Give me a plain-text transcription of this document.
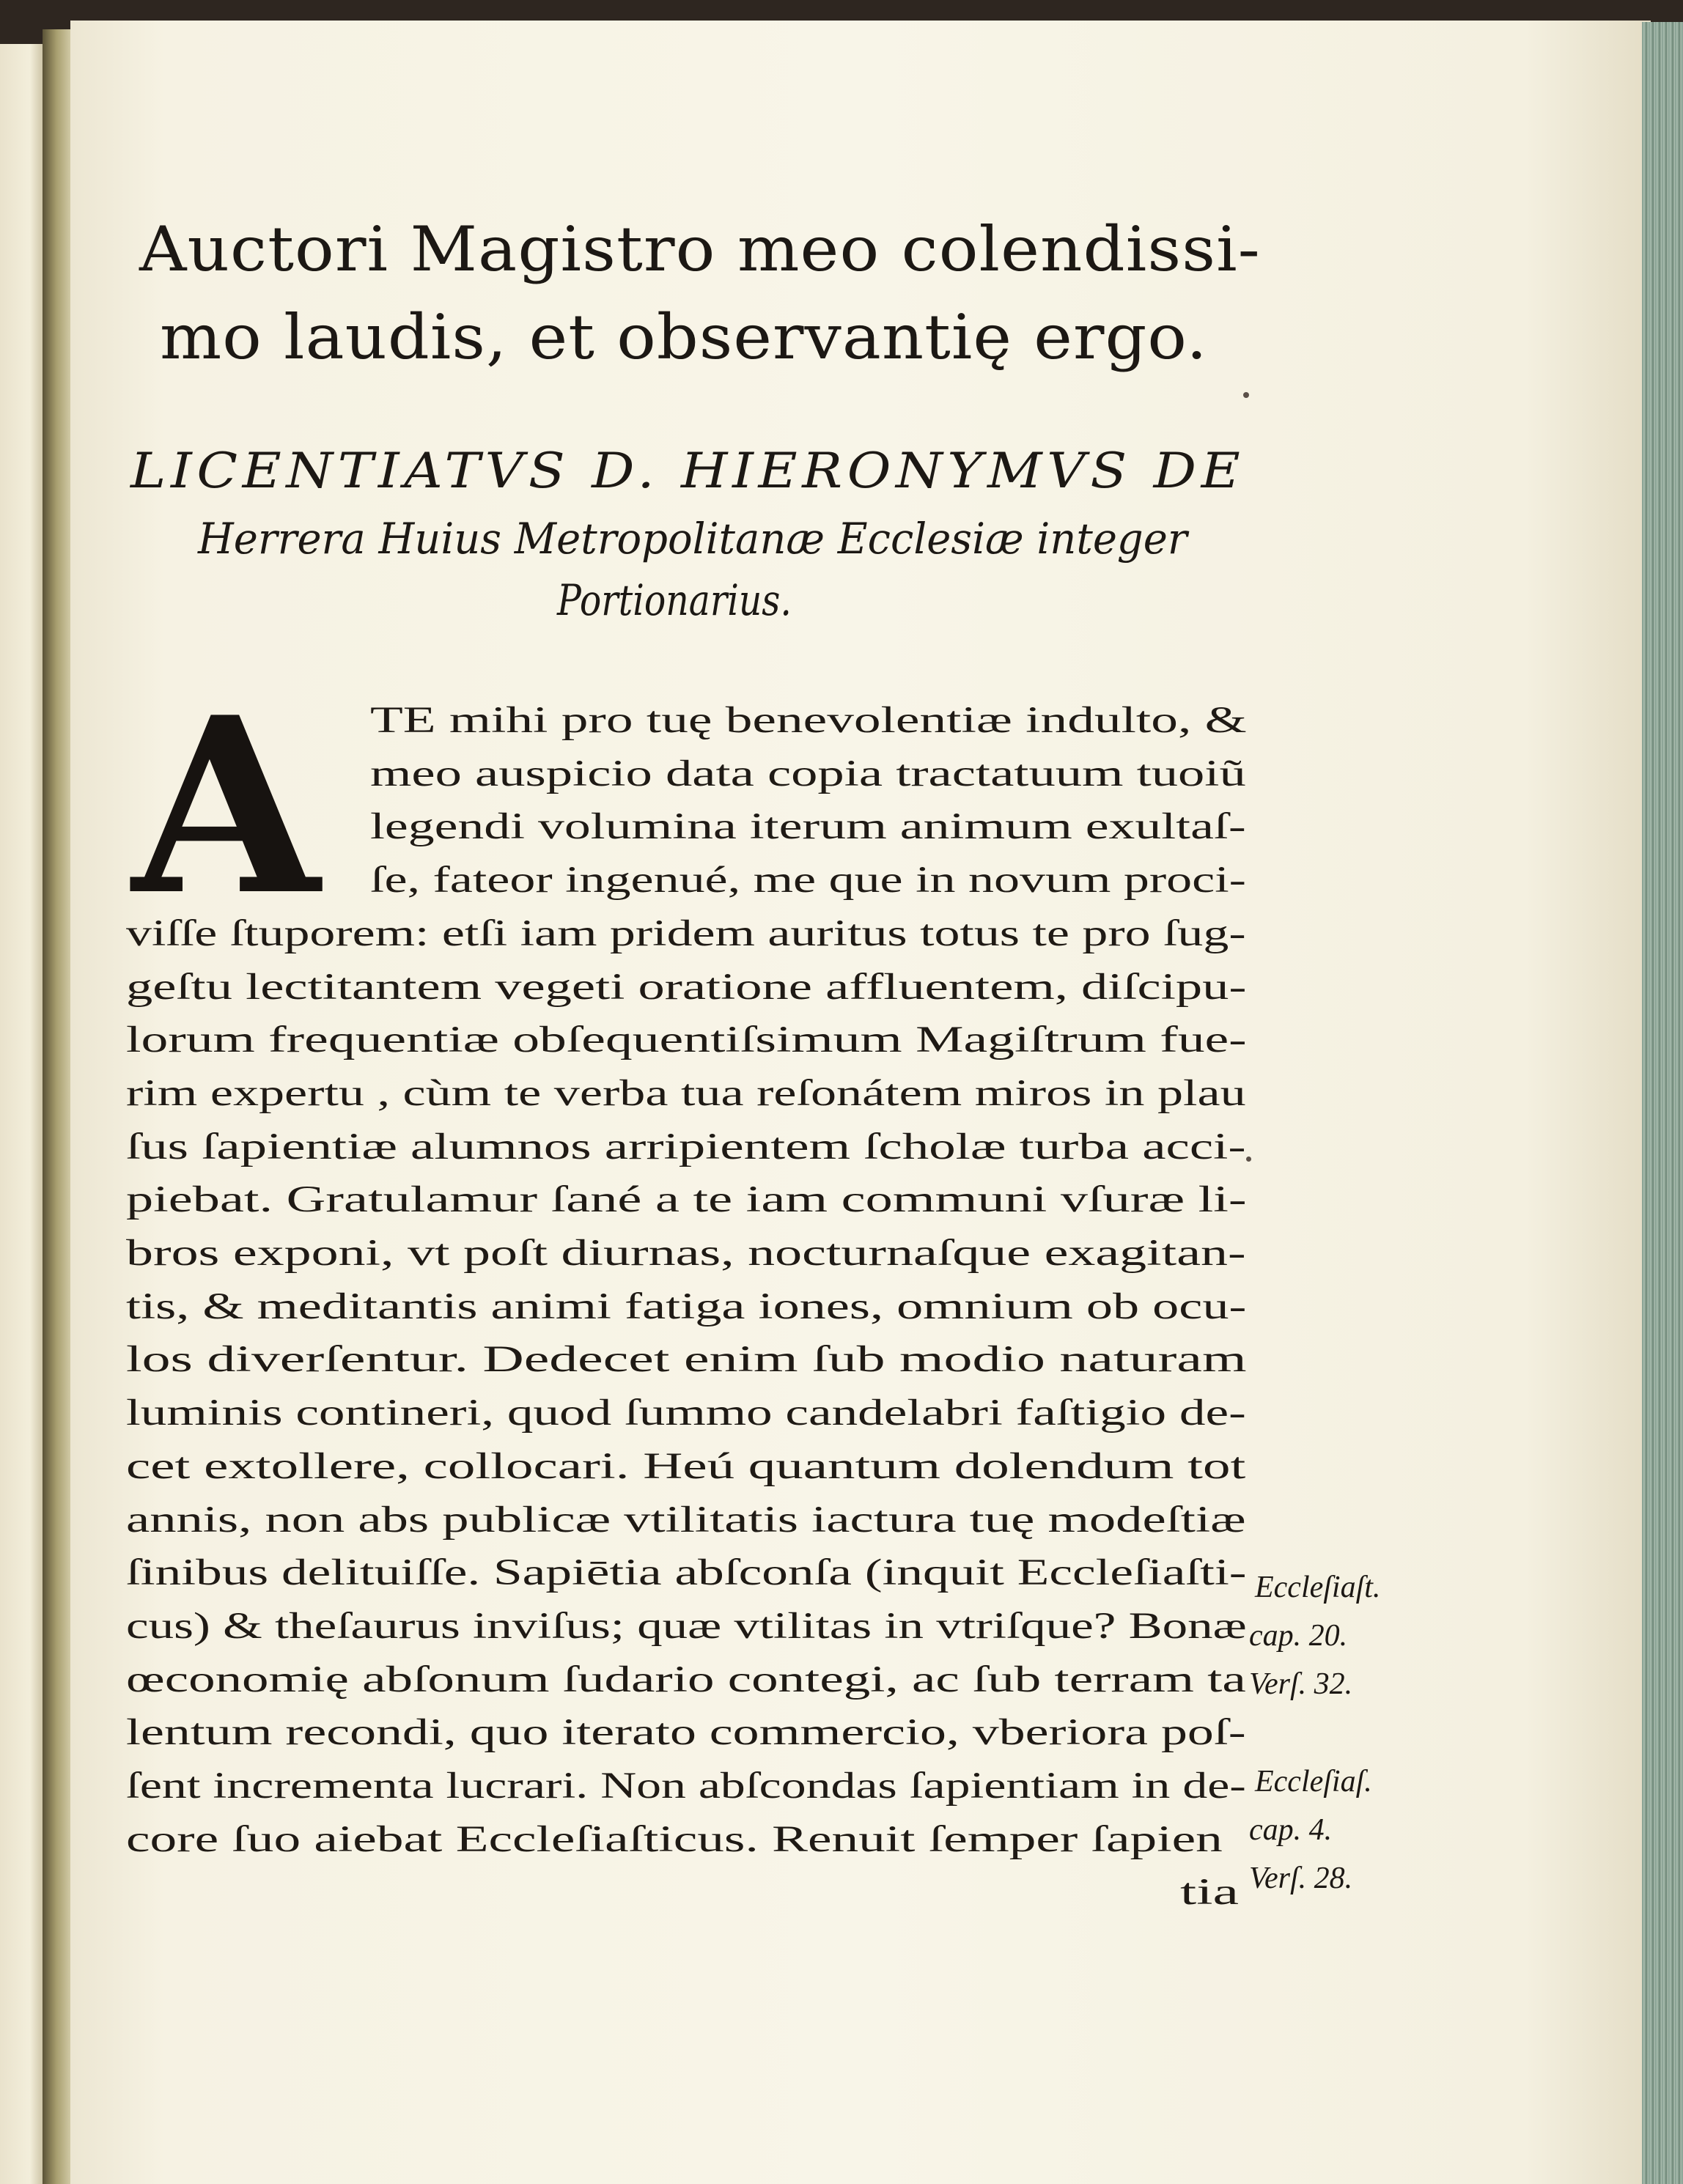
Auctori Magistro meo colendissi-
mo laudis, et observantię ergo.
LICENTIATVS D. HIERONYMVS DE
Herrera Huius Metropolitanæ Ecclesiæ integer
Portionarius.
A TE mihi pro tuę benevolentiæ indulto, &
meo auspicio data copia tractatuum tuoiũ
legendi volumina iterum animum exultaſ-
ſe, fateor ingenué, me que in novum proci-
viſſe ſtuporem: etſi iam pridem auritus totus te pro ſug-
geſtu lectitantem vegeti oratione affluentem, diſcipu-
lorum frequentiæ obſequentiſsimum Magiſtrum fue-
rim expertu , cùm te verba tua reſonátem miros in plau
ſus ſapientiæ alumnos arripientem ſcholæ turba acci-
piebat. Gratulamur ſané a te iam communi vſuræ li-
bros exponi, vt poſt diurnas, nocturnaſque exagitan-
tis, & meditantis animi fatiga iones, omnium ob ocu-
los diverſentur. Dedecet enim ſub modio naturam
luminis contineri, quod ſummo candelabri faſtigio de-
cet extollere, collocari. Heú quantum dolendum tot
annis, non abs publicæ vtilitatis iactura tuę modeſtiæ
ſinibus delituiſſe. Sapiētia abſconſa (inquit Eccleſiaſti-
cus) & theſaurus inviſus; quæ vtilitas in vtriſque? Bonæ
œconomię abſonum ſudario contegi, ac ſub terram ta
lentum recondi, quo iterato commercio, vberiora poſ-
ſent incrementa lucrari. Non abſcondas ſapientiam in de-
core ſuo aiebat Eccleſiaſticus. Renuit ſemper ſapien
tia
Eccleſiaſt.
cap. 20.
Verſ. 32.
Eccleſiaſ.
cap. 4.
Verſ. 28.
